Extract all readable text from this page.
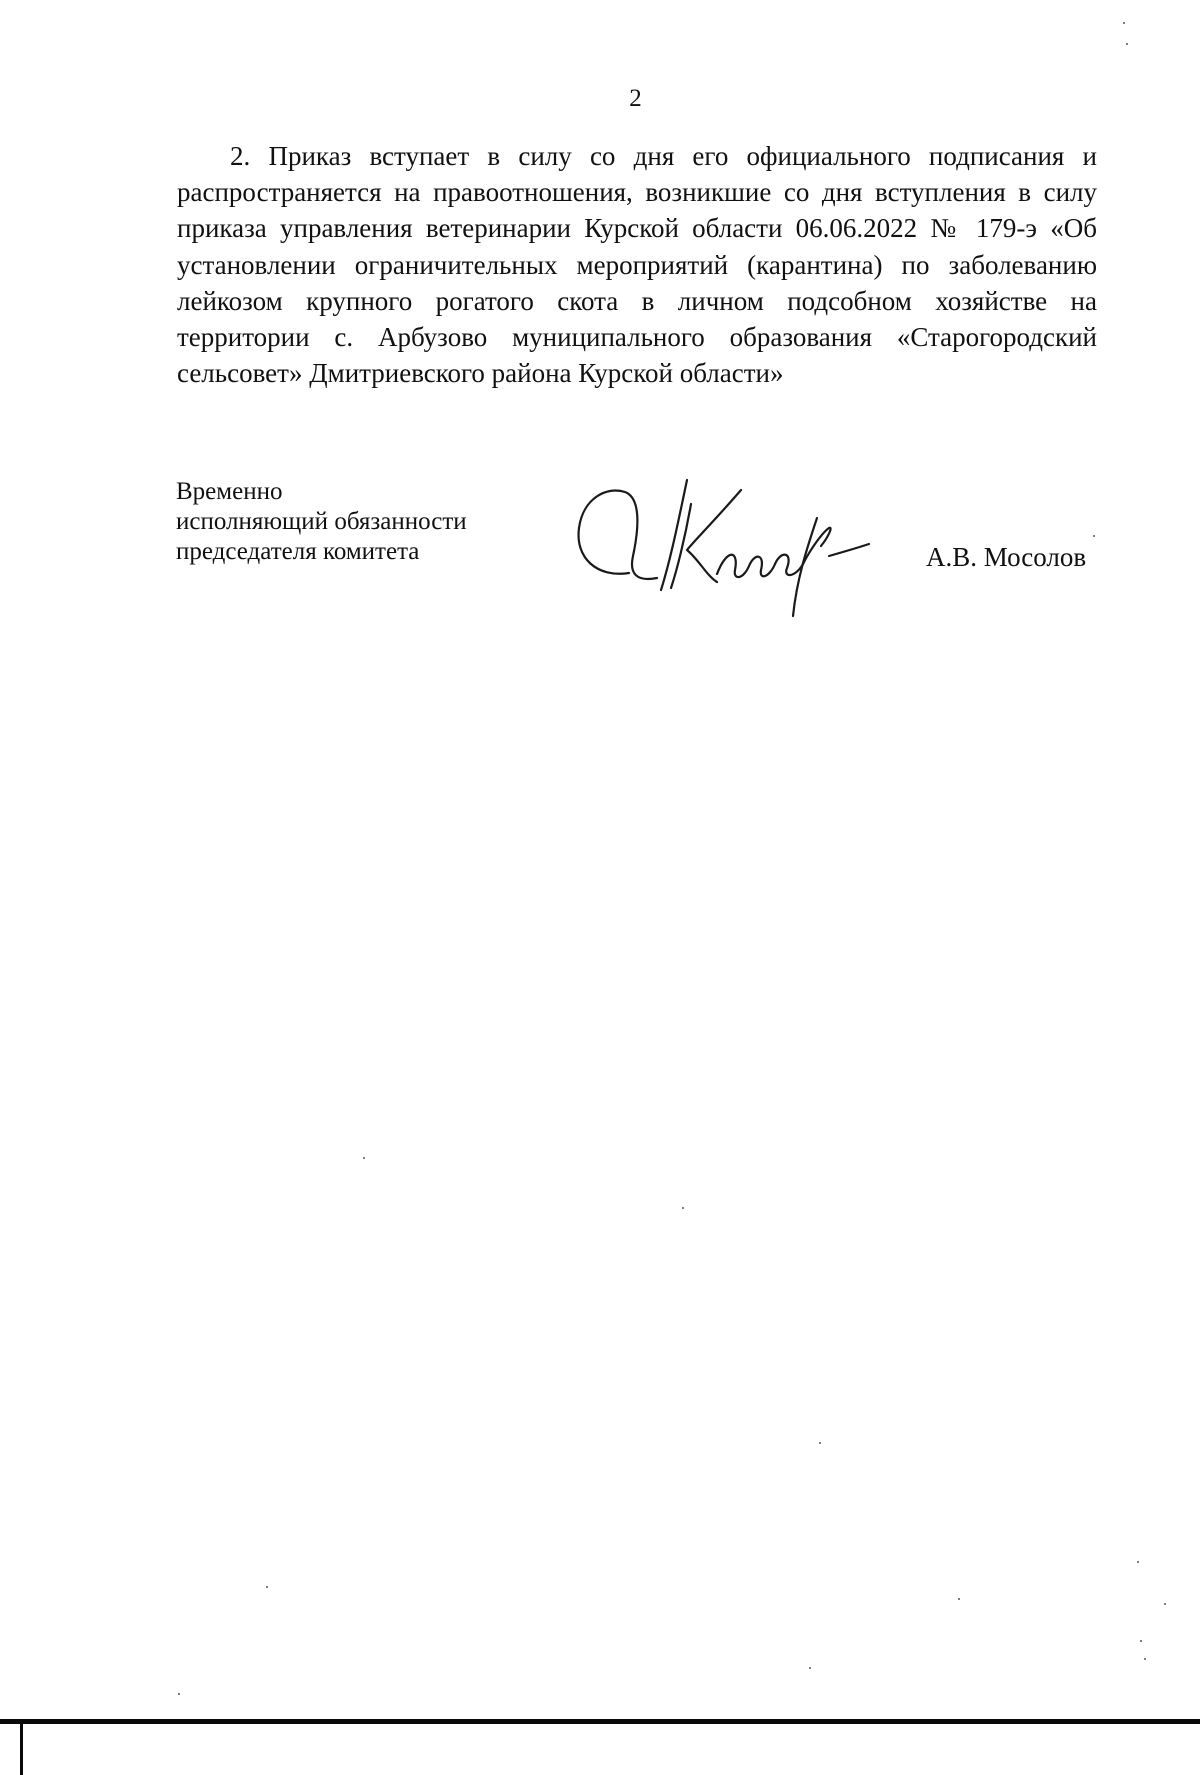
2

2. Приказ вступает в силу со дня его официального подписания и распространяется на правоотношения, возникшие со дня вступления в силу приказа управления ветеринарии Курской области 06.06.2022 № 179-э «Об установлении ограничительных мероприятий (карантина) по заболеванию лейкозом крупного рогатого скота в личном подсобном хозяйстве на территории с. Арбузово муниципального образования «Старогородский сельсовет» Дмитриевского района Курской области»

Временно
исполняющий обязанности
председателя комитета	А.В. Мосолов
